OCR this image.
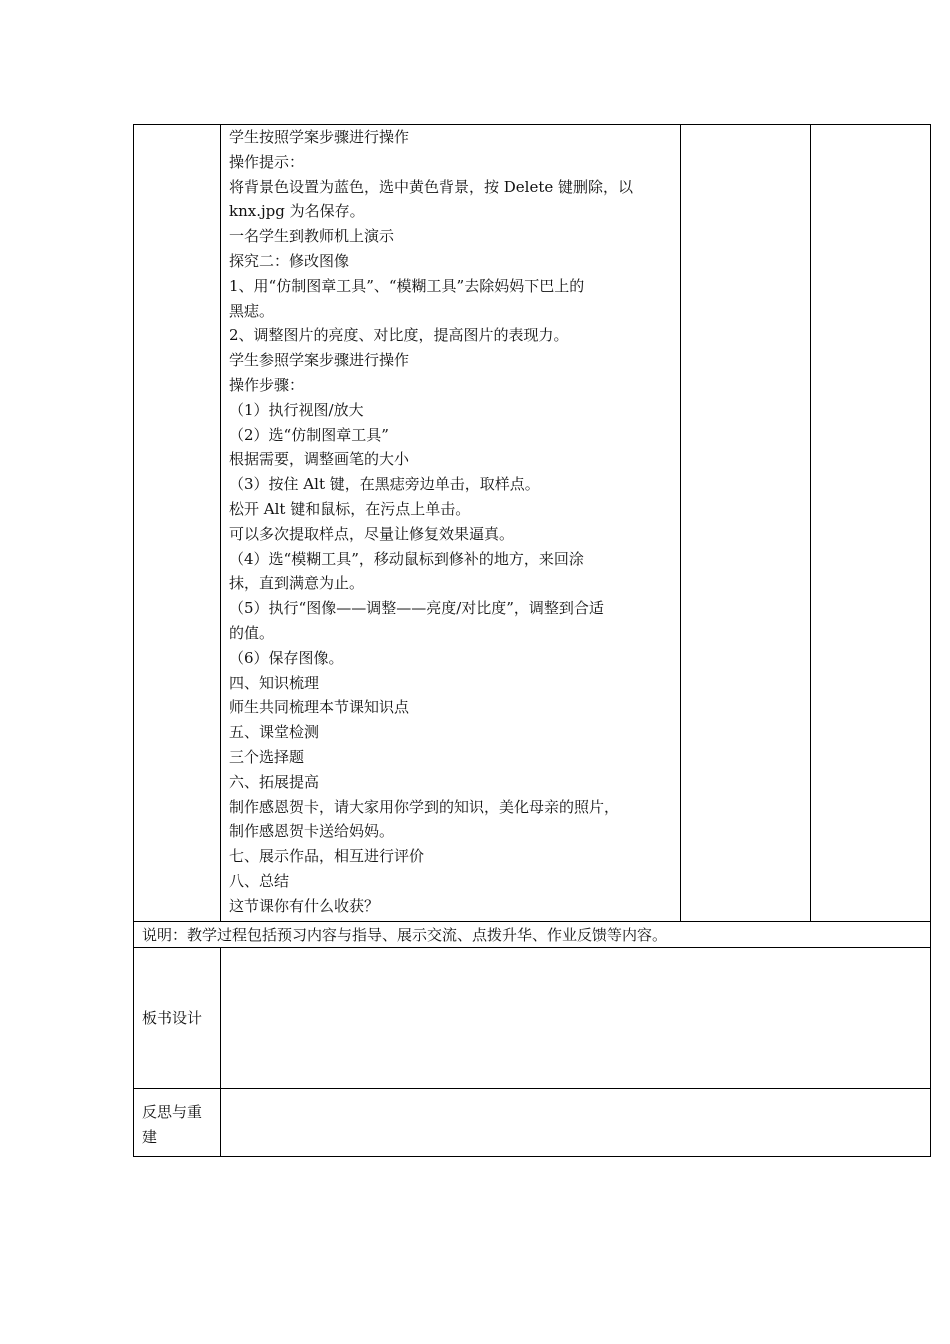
学生按照学案步骤进行操作
操作提示：
将背景色设置为蓝色，选中黄色背景，按 Delete 键删除，以
knx.jpg 为名保存。
一名学生到教师机上演示
探究二：修改图像
1、用“仿制图章工具”、“模糊工具”去除妈妈下巴上的
黑痣。
2、调整图片的亮度、对比度，提高图片的表现力。
学生参照学案步骤进行操作
操作步骤：
（1）执行视图/放大
（2）选“仿制图章工具”
根据需要，调整画笔的大小
（3）按住 Alt 键，在黑痣旁边单击，取样点。
松开 Alt 键和鼠标，在污点上单击。
可以多次提取样点，尽量让修复效果逼真。
（4）选“模糊工具”，移动鼠标到修补的地方，来回涂
抹，直到满意为止。
（5）执行“图像——调整——亮度/对比度”，调整到合适
的值。
（6）保存图像。
四、知识梳理
师生共同梳理本节课知识点
五、课堂检测
三个选择题
六、拓展提高
制作感恩贺卡，请大家用你学到的知识，美化母亲的照片，
制作感恩贺卡送给妈妈。
七、展示作品，相互进行评价
八、总结
这节课你有什么收获？
说明：教学过程包括预习内容与指导、展示交流、点拨升华、作业反馈等内容。
板书设计
反思与重
建
